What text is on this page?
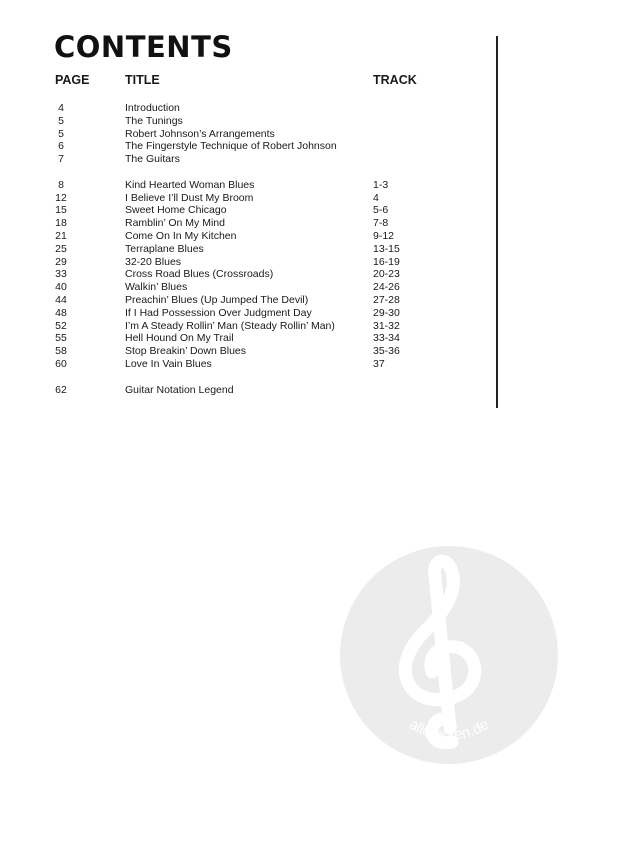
CONTENTS
PAGE	TITLE	TRACK
4	Introduction
5	The Tunings
5	Robert Johnson’s Arrangements
6	The Fingerstyle Technique of Robert Johnson
7	The Guitars
8	Kind Hearted Woman Blues	1-3
12	I Believe I’ll Dust My Broom	4
15	Sweet Home Chicago	5-6
18	Ramblin’ On My Mind	7-8
21	Come On In My Kitchen	9-12
25	Terraplane Blues	13-15
29	32-20 Blues	16-19
33	Cross Road Blues (Crossroads)	20-23
40	Walkin’ Blues	24-26
44	Preachin’ Blues (Up Jumped The Devil)	27-28
48	If I Had Possession Over Judgment Day	29-30
52	I’m A Steady Rollin’ Man (Steady Rollin’ Man)	31-32
55	Hell Hound On My Trail	33-34
58	Stop Breakin’ Down Blues	35-36
60	Love In Vain Blues	37
62	Guitar Notation Legend
alle-noten.de
